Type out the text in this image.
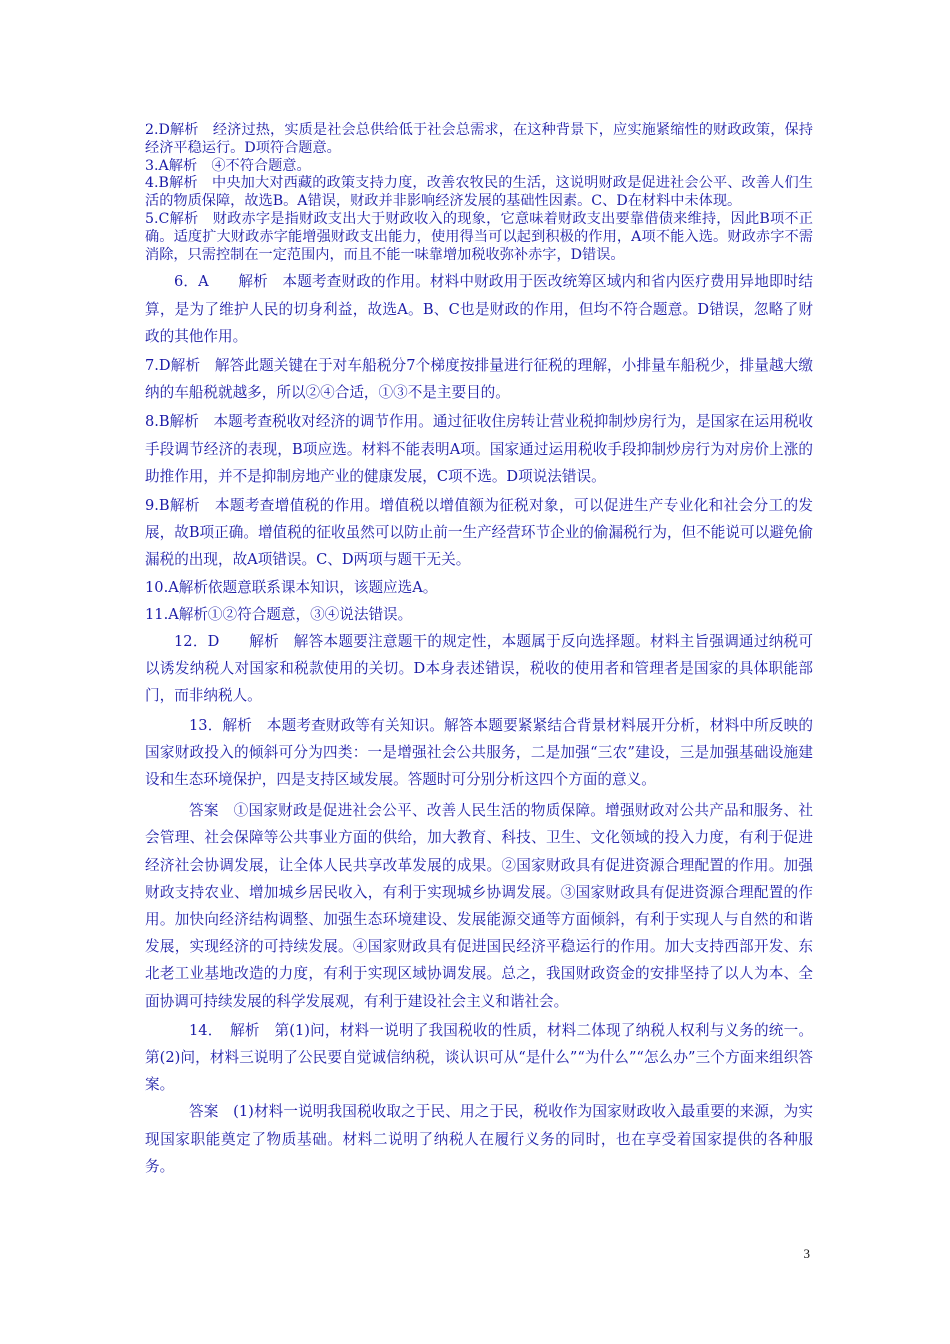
2.D解析　经济过热，实质是社会总供给低于社会总需求，在这种背景下，应实施紧缩性的财政政策，保持经济平稳运行。D项符合题意。

3.A解析　④不符合题意。

4.B解析　中央加大对西藏的政策支持力度，改善农牧民的生活，这说明财政是促进社会公平、改善人们生活的物质保障，故选B。A错误，财政并非影响经济发展的基础性因素。C、D在材料中未体现。

5.C解析　财政赤字是指财政支出大于财政收入的现象，它意味着财政支出要靠借债来维持，因此B项不正确。适度扩大财政赤字能增强财政支出能力，使用得当可以起到积极的作用，A项不能入选。财政赤字不需消除，只需控制在一定范围内，而且不能一味靠增加税收弥补赤字，D错误。

6．A　　解析　本题考查财政的作用。材料中财政用于医改统筹区域内和省内医疗费用异地即时结算，是为了维护人民的切身利益，故选A。B、C也是财政的作用，但均不符合题意。D错误，忽略了财政的其他作用。

7.D解析　解答此题关键在于对车船税分7个梯度按排量进行征税的理解，小排量车船税少，排量越大缴纳的车船税就越多，所以②④合适，①③不是主要目的。

8.B解析　本题考查税收对经济的调节作用。通过征收住房转让营业税抑制炒房行为，是国家在运用税收手段调节经济的表现，B项应选。材料不能表明A项。国家通过运用税收手段抑制炒房行为对房价上涨的助推作用，并不是抑制房地产业的健康发展，C项不选。D项说法错误。

9.B解析　本题考查增值税的作用。增值税以增值额为征税对象，可以促进生产专业化和社会分工的发展，故B项正确。增值税的征收虽然可以防止前一生产经营环节企业的偷漏税行为，但不能说可以避免偷漏税的出现，故A项错误。C、D两项与题干无关。

10.A解析依题意联系课本知识，该题应选A。

11.A解析①②符合题意，③④说法错误。

12．D　　解析　解答本题要注意题干的规定性，本题属于反向选择题。材料主旨强调通过纳税可以诱发纳税人对国家和税款使用的关切。D本身表述错误，税收的使用者和管理者是国家的具体职能部门，而非纳税人。

13．解析　本题考查财政等有关知识。解答本题要紧紧结合背景材料展开分析，材料中所反映的国家财政投入的倾斜可分为四类：一是增强社会公共服务，二是加强“三农”建设，三是加强基础设施建设和生态环境保护，四是支持区域发展。答题时可分别分析这四个方面的意义。

答案　①国家财政是促进社会公平、改善人民生活的物质保障。增强财政对公共产品和服务、社会管理、社会保障等公共事业方面的供给，加大教育、科技、卫生、文化领域的投入力度，有利于促进经济社会协调发展，让全体人民共享改革发展的成果。②国家财政具有促进资源合理配置的作用。加强财政支持农业、增加城乡居民收入，有利于实现城乡协调发展。③国家财政具有促进资源合理配置的作用。加快向经济结构调整、加强生态环境建设、发展能源交通等方面倾斜，有利于实现人与自然的和谐发展，实现经济的可持续发展。④国家财政具有促进国民经济平稳运行的作用。加大支持西部开发、东北老工业基地改造的力度，有利于实现区域协调发展。总之，我国财政资金的安排坚持了以人为本、全面协调可持续发展的科学发展观，有利于建设社会主义和谐社会。

14．　解析　第(1)问，材料一说明了我国税收的性质，材料二体现了纳税人权利与义务的统一。第(2)问，材料三说明了公民要自觉诚信纳税，谈认识可从“是什么”“为什么”“怎么办”三个方面来组织答案。

答案　(1)材料一说明我国税收取之于民、用之于民，税收作为国家财政收入最重要的来源，为实现国家职能奠定了物质基础。材料二说明了纳税人在履行义务的同时，也在享受着国家提供的各种服务。

3
